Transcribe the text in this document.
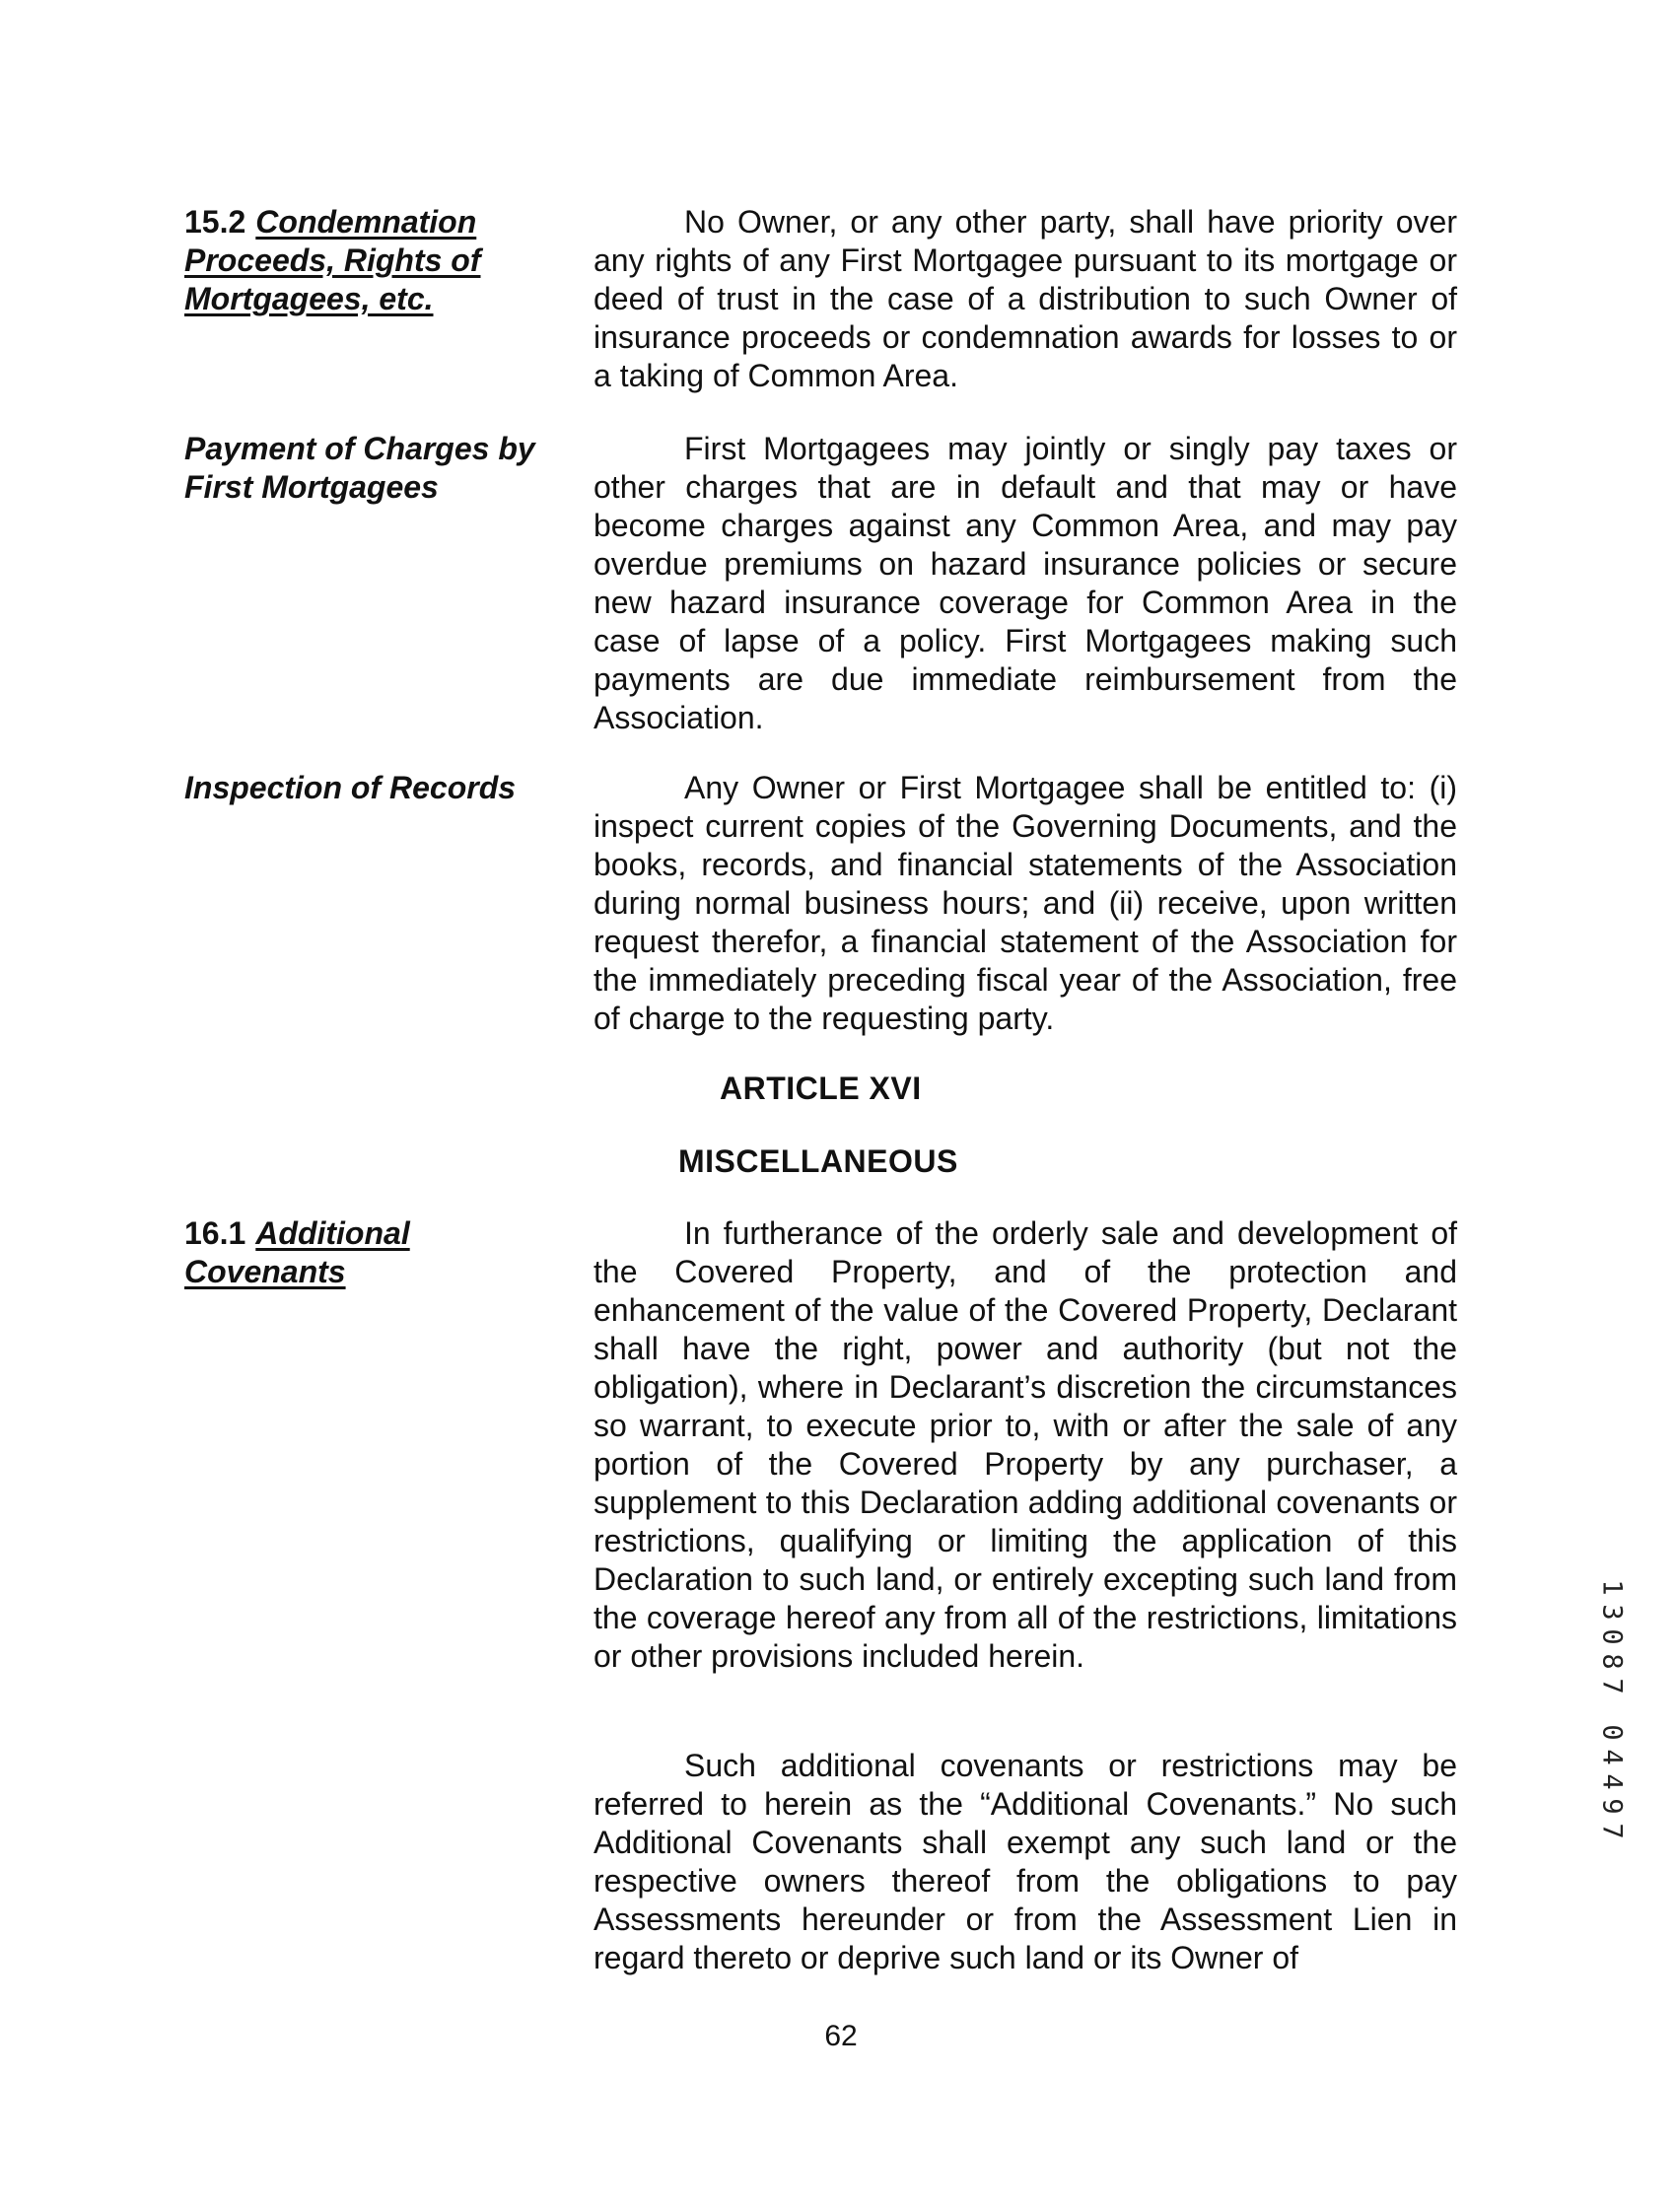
15.2 Condemnation
Proceeds, Rights of
Mortgagees, etc.

No Owner, or any other party, shall have priority over any rights of any First Mortgagee pursuant to its mortgage or deed of trust in the case of a distribution to such Owner of insurance proceeds or condemnation awards for losses to or a taking of Common Area.

Payment of Charges by
First Mortgagees

First Mortgagees may jointly or singly pay taxes or other charges that are in default and that may or have become charges against any Common Area, and may pay overdue premiums on hazard insurance policies or secure new hazard insurance coverage for Common Area in the case of lapse of a policy. First Mortgagees making such payments are due immediate reimbursement from the Association.

Inspection of Records	Any Owner or First Mortgagee shall be entitled to: (i) inspect current copies of the Governing Documents, and the books, records, and financial statements of the Association during normal business hours; and (ii) receive, upon written request therefor, a financial statement of the Association for the immediately preceding fiscal year of the Association, free of charge to the requesting party.

ARTICLE XVI
MISCELLANEOUS
16.1 Additional
Covenants

In furtherance of the orderly sale and development of the Covered Property, and of the protection and enhancement of the value of the Covered Property, Declarant shall have the right, power and authority (but not the obligation), where in Declarant’s discretion the circumstances so warrant, to execute prior to, with or after the sale of any portion of the Covered Property by any purchaser, a supplement to this Declaration adding additional covenants or restrictions, qualifying or limiting the application of this Declaration to such land, or entirely excepting such land from the coverage hereof any from all of the restrictions, limitations or other provisions included herein.

Such additional covenants or restrictions may be referred to herein as the “Additional Covenants.” No such Additional Covenants shall exempt any such land or the respective owners thereof from the obligations to pay Assessments hereunder or from the Assessment Lien in regard thereto or deprive such land or its Owner of

62
1
3
0
8
7
0
4
4
9
7
